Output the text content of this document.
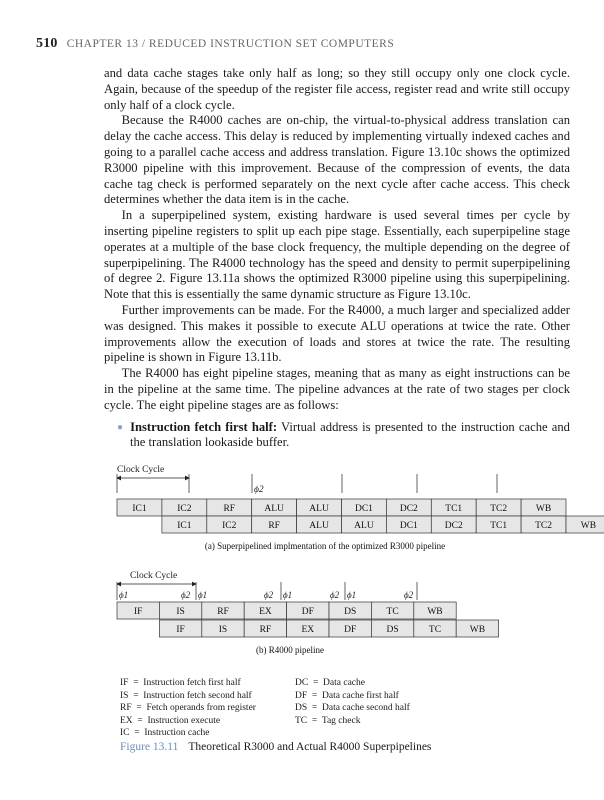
510 CHAPTER 13 / REDUCED INSTRUCTION SET COMPUTERS

and data cache stages take only half as long; so they still occupy only one clock cycle. Again, because of the speedup of the register file access, register read and write still occupy only half of a clock cycle.

Because the R4000 caches are on-chip, the virtual-to-physical address translation can delay the cache access. This delay is reduced by implementing virtually indexed caches and going to a parallel cache access and address translation. Figure 13.10c shows the optimized R3000 pipeline with this improvement. Because of the compression of events, the data cache tag check is performed separately on the next cycle after cache access. This check determines whether the data item is in the cache.

In a superpipelined system, existing hardware is used several times per cycle by inserting pipeline registers to split up each pipe stage. Essentially, each superpipeline stage operates at a multiple of the base clock frequency, the multiple depending on the degree of superpipelining. The R4000 technology has the speed and density to permit superpipelining of degree 2. Figure 13.11a shows the optimized R3000 pipeline using this superpipelining. Note that this is essentially the same dynamic structure as Figure 13.10c.

Further improvements can be made. For the R4000, a much larger and specialized adder was designed. This makes it possible to execute ALU operations at twice the rate. Other improvements allow the execution of loads and stores at twice the rate. The resulting pipeline is shown in Figure 13.11b.

The R4000 has eight pipeline stages, meaning that as many as eight instructions can be in the pipeline at the same time. The pipeline advances at the rate of two stages per clock cycle. The eight pipeline stages are as follows:

● Instruction fetch first half: Virtual address is presented to the instruction cache and the translation lookaside buffer.

Clock Cycle
ϕ2
IC1	IC2	RF	ALU	ALU	DC1	DC2	TC1	TC2	WB
IC1	IC2	RF	ALU	ALU	DC1	DC2	TC1	TC2	WB
(a) Superpipelined implmentation of the optimized R3000 pipeline
Clock Cycle
ϕ1	ϕ2 ϕ1	ϕ2 ϕ1	ϕ2 ϕ1	ϕ2
IF	IS	RF	EX	DF	DS	TC	WB
IF	IS	RF	EX	DF	DS	TC	WB
(b) R4000 pipeline
IF  =  Instruction fetch first half	DC  =  Data cache
IS  =  Instruction fetch second half	DF  =  Data cache first half
RF  =  Fetch operands from register	DS  =  Data cache second half
EX  =  Instruction execute	TC  =  Tag check
IC  =  Instruction cache
Figure 13.11 Theoretical R3000 and Actual R4000 Superpipelines
